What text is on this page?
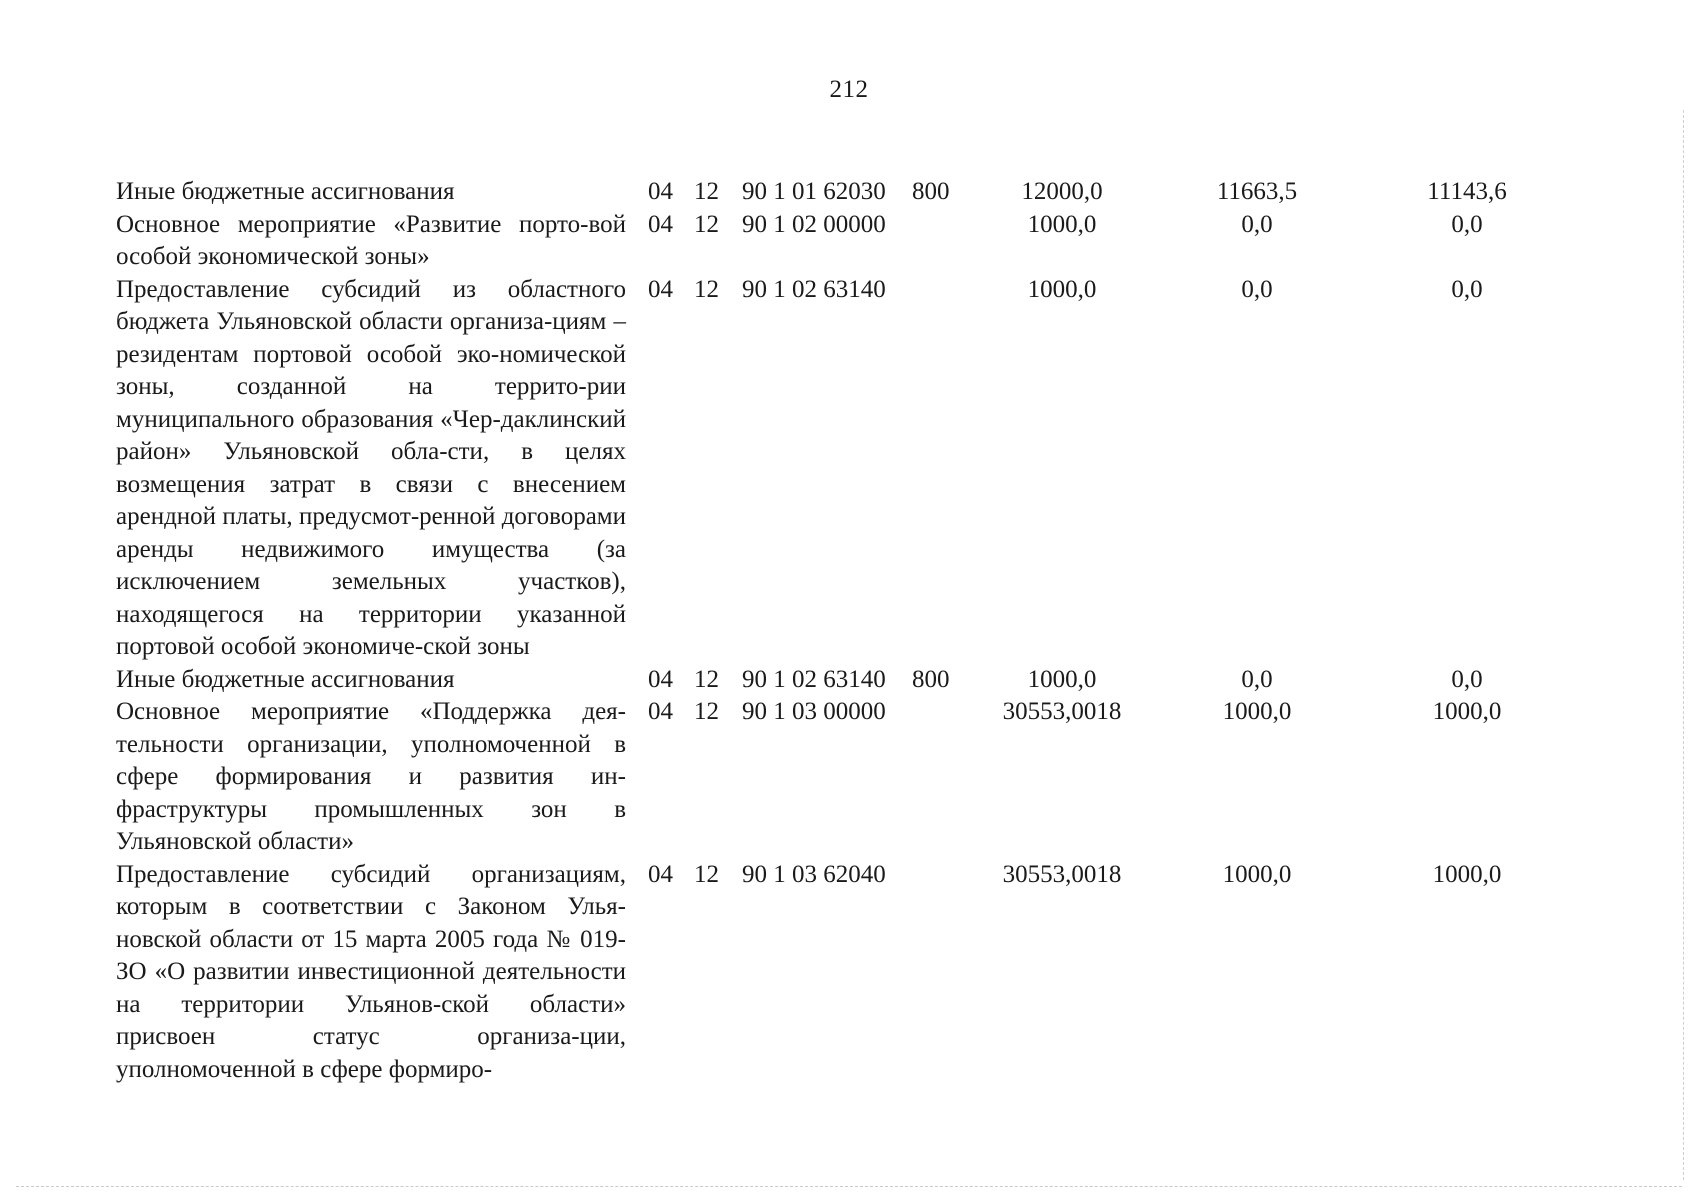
212
Иные бюджетные ассигнования	04	12	90 1 01 62030	800	12000,0	11663,5	11143,6
Основное мероприятие «Развитие порто-вой особой экономической зоны»	04	12	90 1 02 00000		1000,0	0,0	0,0
Предоставление субсидий из областного бюджета Ульяновской области организа-циям – резидентам портовой особой эко-номической зоны, созданной на террито-рии муниципального образования «Чер-даклинский район» Ульяновской обла-сти, в целях возмещения затрат в связи с внесением арендной платы, предусмот-ренной договорами аренды недвижимого имущества (за исключением земельных участков), находящегося на территории указанной портовой особой экономиче-ской зоны	04	12	90 1 02 63140		1000,0	0,0	0,0
Иные бюджетные ассигнования	04	12	90 1 02 63140	800	1000,0	0,0	0,0
Основное мероприятие «Поддержка дея-тельности организации, уполномоченной в сфере формирования и развития ин-фраструктуры промышленных зон в Ульяновской области»	04	12	90 1 03 00000		30553,0018	1000,0	1000,0
Предоставление субсидий организациям, которым в соответствии с Законом Улья-новской области от 15 марта 2005 года № 019-ЗО «О развитии инвестиционной деятельности на территории Ульянов-ской области» присвоен статус организа-ции, уполномоченной в сфере формиро-	04	12	90 1 03 62040		30553,0018	1000,0	1000,0
